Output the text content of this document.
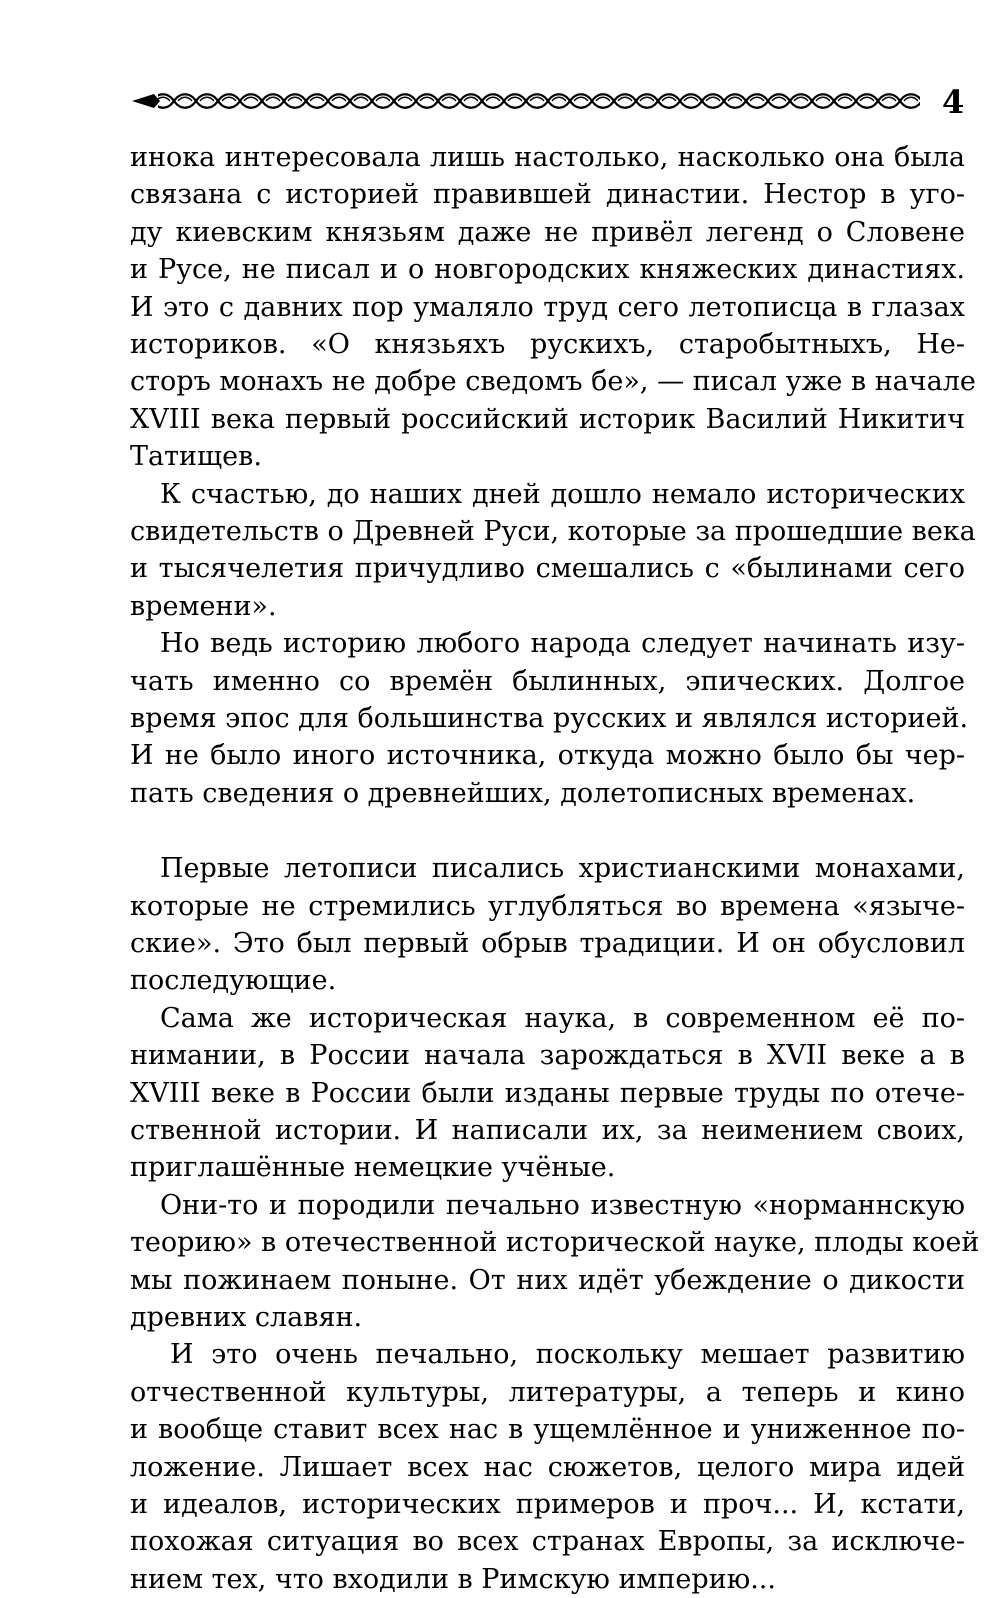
4
инока интересовала лишь настолько, насколько она была
связана с историей правившей династии. Нестор в уго-
ду киевским князьям даже не привёл легенд о Словене
и Русе, не писал и о новгородских княжеских династиях.
И это с давних пор умаляло труд сего летописца в глазах
историков. «О князьяхъ рускихъ, старобытныхъ, Не-
сторъ монахъ не добре сведомъ бе», — писал уже в начале
XVIII века первый российский историк Василий Никитич
Татищев.
К счастью, до наших дней дошло немало исторических
свидетельств о Древней Руси, которые за прошедшие века
и тысячелетия причудливо смешались с «былинами сего
времени».
Но ведь историю любого народа следует начинать изу-
чать именно со времён былинных, эпических. Долгое
время эпос для большинства русских и являлся историей.
И не было иного источника, откуда можно было бы чер-
пать сведения о древнейших, долетописных временах.
Первые летописи писались христианскими монахами,
которые не стремились углубляться во времена «языче-
ские». Это был первый обрыв традиции. И он обусловил
последующие.
Сама же историческая наука, в современном её по-
нимании, в России начала зарождаться в XVII веке а в
XVIII веке в России были изданы первые труды по отече-
ственной истории. И написали их, за неимением своих,
приглашённые немецкие учёные.
Они-то и породили печально известную «норманнскую
теорию» в отечественной исторической науке, плоды коей
мы пожинаем поныне. От них идёт убеждение о дикости
древних славян.
И это очень печально, поскольку мешает развитию
отчественной культуры, литературы, а теперь и кино
и вообще ставит всех нас в ущемлённое и униженное по-
ложение. Лишает всех нас сюжетов, целого мира идей
и идеалов, исторических примеров и проч... И, кстати,
похожая ситуация во всех странах Европы, за исключе-
нием тех, что входили в Римскую империю...
